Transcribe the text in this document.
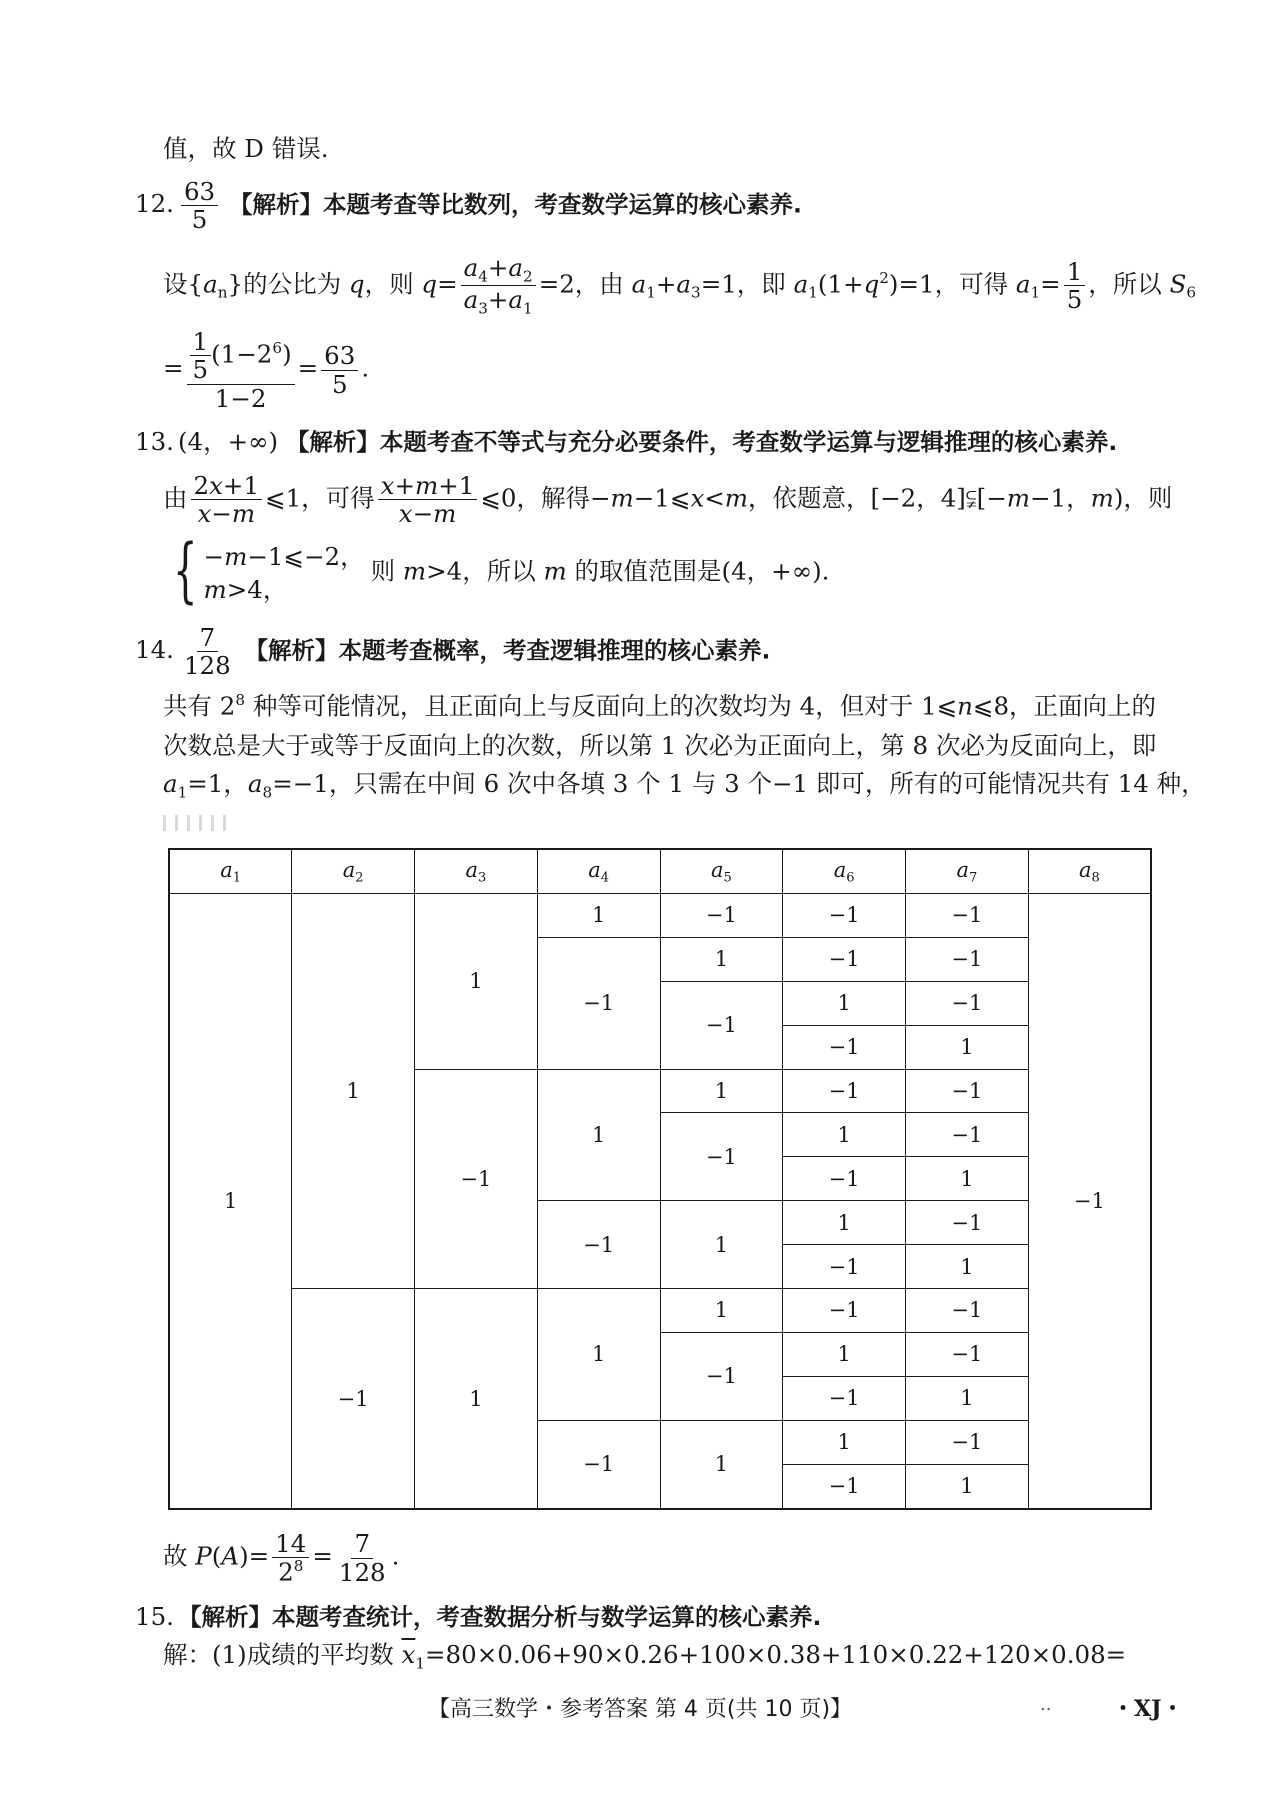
值，故 D 错误.
12. $\frac{63}{5}$ 【解析】本题考查等比数列，考查数学运算的核心素养.
设$\{a_n\}$的公比为 q，则 $q= \frac{a_4+a_2}{a_3+a_1} =2$，由 $a_1+a_3=1$，即 $a_1(1+q^2)=1$，可得 $a_1= \frac{1}{5}$ ，所以 $S_6$
= $\frac{\frac{1}{5} (1-2^6)}{1-2} = \frac{63}{5}$ .
13. (4，+∞) 【解析】本题考查不等式与充分必要条件，考查数学运算与逻辑推理的核心素养.
由 $\frac{2x+1}{x-m}$ ⩽1，可得 $\frac{x+m+1}{x-m}$ ⩽0，解得−m−1⩽x<m，依题意，[−2，4]⫋[−m−1，m)，则
{ −m−1⩽−2，
m>4，
则 m>4，所以 m 的取值范围是(4，+∞).
14. $\frac{7}{128}$ 【解析】本题考查概率，考查逻辑推理的核心素养.
共有 $2^8$ 种等可能情况，且正面向上与反面向上的次数均为 4，但对于 1⩽n⩽8，正面向上的
次数总是大于或等于反面向上的次数，所以第 1 次必为正面向上，第 8 次必为反面向上，即
$a_1=1$，$a_8=-1$，只需在中间 6 次中各填 3 个 1 与 3 个−1 即可，所有的可能情况共有 14 种，
$a_1$	$a_2$	$a_3$	$a_4$	$a_5$	$a_6$	$a_7$	$a_8$
1	1	1	1	−1	−1	−1	−1
			−1	1	−1	−1	
				−1	1	−1	
					−1	1	
		−1	1	1	−1	−1	
				−1	1	−1	
					−1	1	
			−1	1	1	−1	
					−1	1	
	−1	1	1	1	−1	−1	
				−1	1	−1	
					−1	1	
			−1	1	1	−1	
					−1	1	
故 $P(A)= \frac{14}{2^8} = \frac{7}{128}$ .
15. 【解析】本题考查统计，考查数据分析与数学运算的核心素养.
解：(1)成绩的平均数 $\overline{x}_1=80\times 0.06+90\times 0.26+100\times 0.38+110\times 0.22+120\times 0.08=$
【高三数学・参考答案 第 4 页(共 10 页)】	..	・XJ・
